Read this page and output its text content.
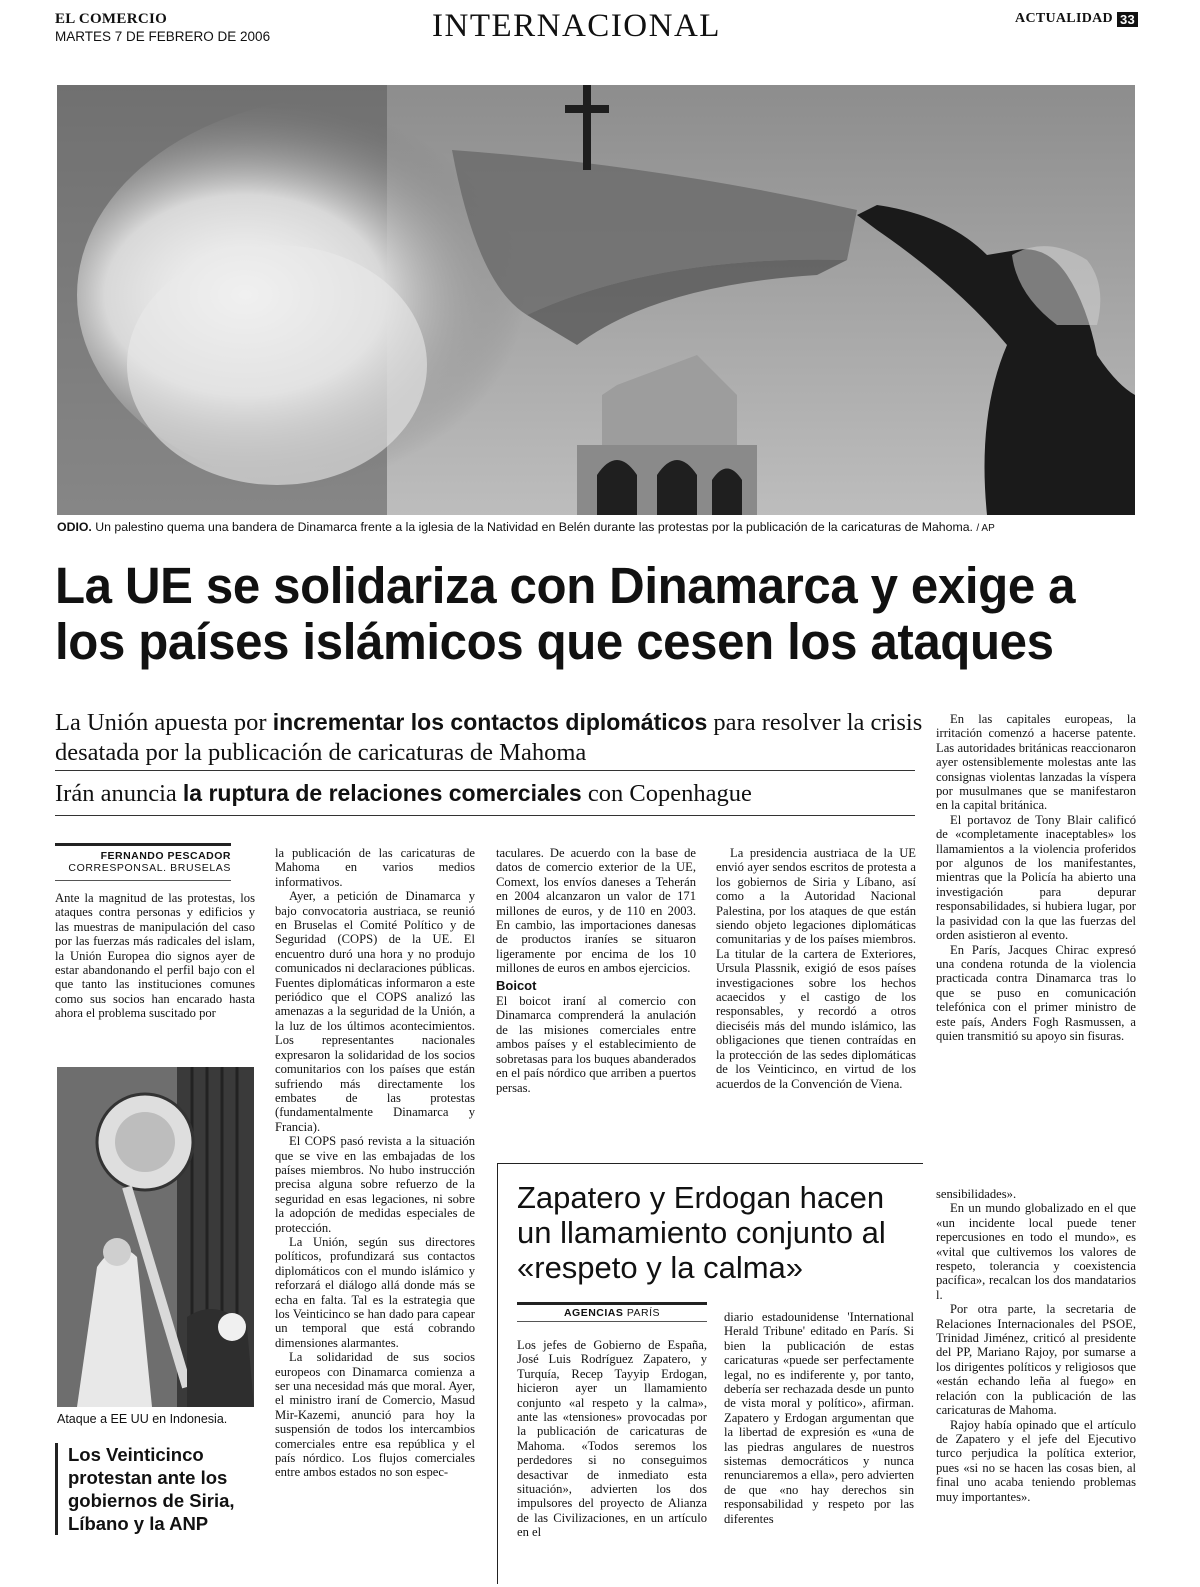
EL COMERCIO
MARTES 7 DE FEBRERO DE 2006	INTERNACIONAL	ACTUALIDAD 33
ODIO. Un palestino quema una bandera de Dinamarca frente a la iglesia de la Natividad en Belén durante las protestas por la publicación de la caricaturas de Mahoma. / AP
La UE se solidariza con Dinamarca y exige a los países islámicos que cesen los ataques
La Unión apuesta por incrementar los contactos diplomáticos para resolver la crisis desatada por la publicación de caricaturas de Mahoma
Irán anuncia la ruptura de relaciones comerciales con Copenhague
FERNANDO PESCADOR
CORRESPONSAL. BRUSELAS

Ante la magnitud de las protestas, los ataques contra personas y edificios y las muestras de manipulación del caso por las fuerzas más radicales del islam, la Unión Europea dio signos ayer de estar abandonando el perfil bajo con el que tanto las instituciones comunes como sus socios han encarado hasta ahora el problema suscitado por

la publicación de las caricaturas de Mahoma en varios medios informativos.

Ayer, a petición de Dinamarca y bajo convocatoria austriaca, se reunió en Bruselas el Comité Político y de Seguridad (COPS) de la UE. El encuentro duró una hora y no produjo comunicados ni declaraciones públicas. Fuentes diplomáticas informaron a este periódico que el COPS analizó las amenazas a la seguridad de la Unión, a la luz de los últimos acontecimientos. Los representantes nacionales expresaron la solidaridad de los socios comunitarios con los países que están sufriendo más directamente los embates de las protestas (fundamentalmente Dinamarca y Francia).

El COPS pasó revista a la situación que se vive en las embajadas de los países miembros. No hubo instrucción precisa alguna sobre refuerzo de la seguridad en esas legaciones, ni sobre la adopción de medidas especiales de protección.

La Unión, según sus directores políticos, profundizará sus contactos diplomáticos con el mundo islámico y reforzará el diálogo allá donde más se echa en falta. Tal es la estrategia que los Veinticinco se han dado para capear un temporal que está cobrando dimensiones alarmantes.

La solidaridad de sus socios europeos con Dinamarca comienza a ser una necesidad más que moral. Ayer, el ministro iraní de Comercio, Masud Mir-Kazemi, anunció para hoy la suspensión de todos los intercambios comerciales entre esa república y el país nórdico. Los flujos comerciales entre ambos estados no son espec-

taculares. De acuerdo con la base de datos de comercio exterior de la UE, Comext, los envíos daneses a Teherán en 2004 alcanzaron un valor de 171 millones de euros, y de 110 en 2003. En cambio, las importaciones danesas de productos iraníes se situaron ligeramente por encima de los 10 millones de euros en ambos ejercicios.

Boicot

El boicot iraní al comercio con Dinamarca comprenderá la anulación de las misiones comerciales entre ambos países y el establecimiento de sobretasas para los buques abanderados en el país nórdico que arriben a puertos persas.

La presidencia austriaca de la UE envió ayer sendos escritos de protesta a los gobiernos de Siria y Líbano, así como a la Autoridad Nacional Palestina, por los ataques de que están siendo objeto legaciones diplomáticas comunitarias y de los países miembros. La titular de la cartera de Exteriores, Ursula Plassnik, exigió de esos países investigaciones sobre los hechos acaecidos y el castigo de los responsables, y recordó a otros dieciséis más del mundo islámico, las obligaciones que tienen contraídas en la protección de las sedes diplomáticas de los Veinticinco, en virtud de los acuerdos de la Convención de Viena.

En las capitales europeas, la irritación comenzó a hacerse patente. Las autoridades británicas reaccionaron ayer ostensiblemente molestas ante las consignas violentas lanzadas la víspera por musulmanes que se manifestaron en la capital británica.

El portavoz de Tony Blair calificó de «completamente inaceptables» los llamamientos a la violencia proferidos por algunos de los manifestantes, mientras que la Policía ha abierto una investigación para depurar responsabilidades, si hubiera lugar, por la pasividad con la que las fuerzas del orden asistieron al evento.

En París, Jacques Chirac expresó una condena rotunda de la violencia practicada contra Dinamarca tras lo que se puso en comunicación telefónica con el primer ministro de este país, Anders Fogh Rasmussen, a quien transmitió su apoyo sin fisuras.

Ataque a EE UU en Indonesia.
Los Veinticinco protestan ante los gobiernos de Siria, Líbano y la ANP
Zapatero y Erdogan hacen un llamamiento conjunto al «respeto y la calma»
AGENCIAS PARÍS

Los jefes de Gobierno de España, José Luis Rodríguez Zapatero, y Turquía, Recep Tayyip Erdogan, hicieron ayer un llamamiento conjunto «al respeto y la calma», ante las «tensiones» provocadas por la publicación de caricaturas de Mahoma. «Todos seremos los perdedores si no conseguimos desactivar de inmediato esta situación», advierten los dos impulsores del proyecto de Alianza de las Civilizaciones, en un artículo en el

diario estadounidense 'International Herald Tribune' editado en París. Si bien la publicación de estas caricaturas «puede ser perfectamente legal, no es indiferente y, por tanto, debería ser rechazada desde un punto de vista moral y político», afirman. Zapatero y Erdogan argumentan que la libertad de expresión es «una de las piedras angulares de nuestros sistemas democráticos y nunca renunciaremos a ella», pero advierten de que «no hay derechos sin responsabilidad y respeto por las diferentes

sensibilidades».

En un mundo globalizado en el que «un incidente local puede tener repercusiones en todo el mundo», es «vital que cultivemos los valores de respeto, tolerancia y coexistencia pacífica», recalcan los dos mandatarios l.

Por otra parte, la secretaria de Relaciones Internacionales del PSOE, Trinidad Jiménez, criticó al presidente del PP, Mariano Rajoy, por sumarse a los dirigentes políticos y religiosos que «están echando leña al fuego» en relación con la publicación de las caricaturas de Mahoma.

Rajoy había opinado que el artículo de Zapatero y el jefe del Ejecutivo turco perjudica la política exterior, pues «si no se hacen las cosas bien, al final uno acaba teniendo problemas muy importantes».
